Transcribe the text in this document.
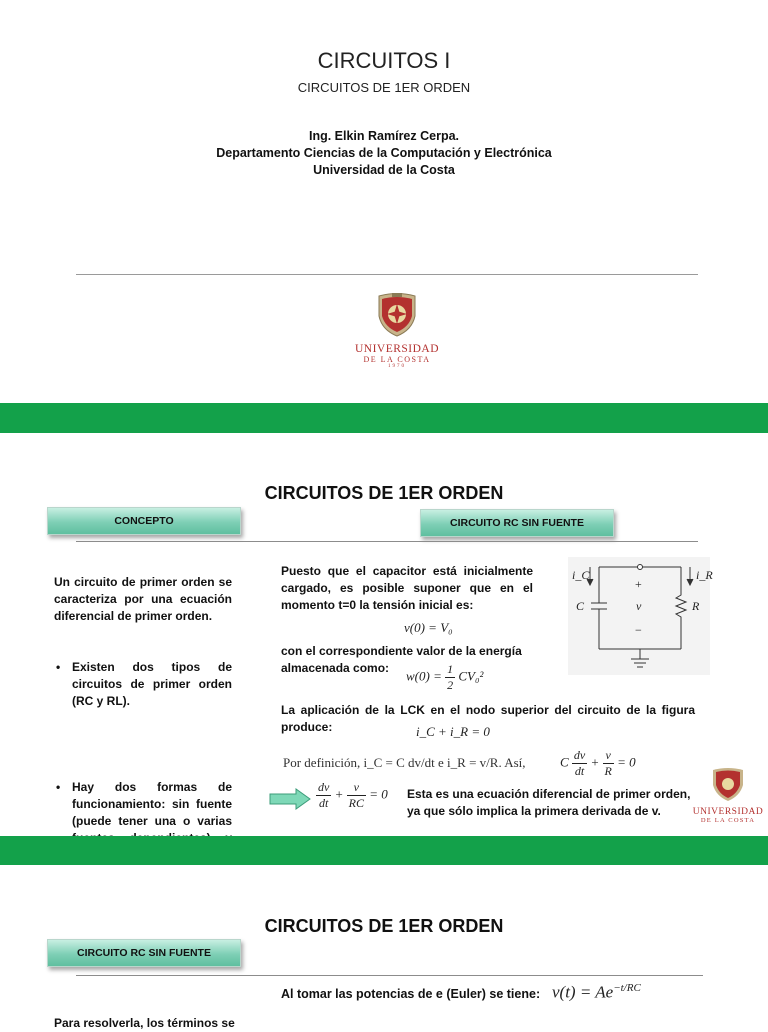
CIRCUITOS I
CIRCUITOS DE 1ER ORDEN
Ing. Elkin Ramírez Cerpa.
Departamento Ciencias de la Computación y Electrónica
Universidad de la Costa
UNIVERSIDAD
DE LA COSTA
1970
CIRCUITOS DE 1ER ORDEN
CONCEPTO	CIRCUITO RC SIN FUENTE
Un circuito de primer orden se caracteriza por una ecuación diferencial de primer orden.
• Existen dos tipos de circuitos de primer orden (RC y RL).
• Hay dos formas de funcionamiento: sin fuente (puede tener una o varias
Puesto que el capacitor está inicialmente cargado, es posible suponer que en el momento t=0 la tensión inicial es:
v(0) = V₀
con el correspondiente valor de la energía almacenada como:
$w(0) = \frac{1}{2} CV_0^2$
La aplicación de la LCK en el nodo superior del circuito de la figura produce:	i_C + i_R = 0
Por definición, i_C = C dv/dt e i_R = v/R. Así,	C $\frac{dv}{dt} + \frac{v}{R} = 0$
$\frac{dv}{dt} + \frac{v}{RC} = 0$ Esta es una ecuación diferencial de primer orden, ya que sólo implica la primera derivada de v.
i_C	i_R
C	R
+
v
−
UNIVERSIDAD
DE LA COSTA
CIRCUITOS DE 1ER ORDEN
CIRCUITO RC SIN FUENTE
Al tomar las potencias de e (Euler) se tiene: $v(t) = Ae^{-t/RC}$
Para resolverla, los términos se
